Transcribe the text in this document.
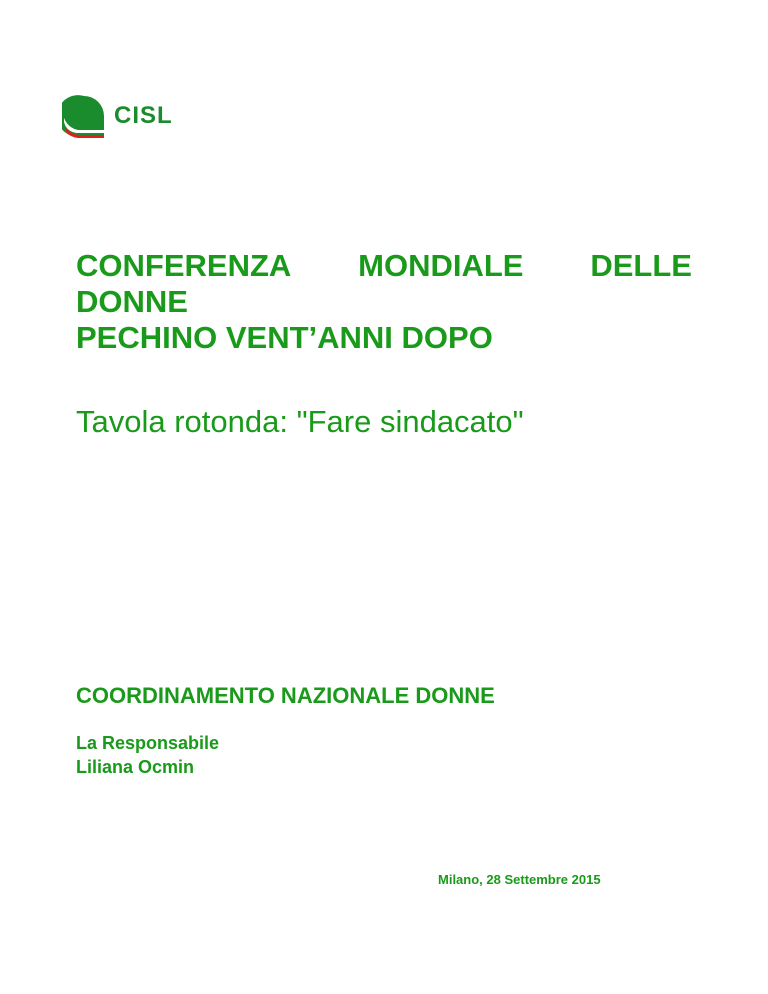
CISL
CONFERENZA MONDIALE DELLE
DONNE
PECHINO VENT’ANNI DOPO
Tavola rotonda: "Fare sindacato"
COORDINAMENTO NAZIONALE DONNE
La Responsabile
Liliana Ocmin
Milano, 28 Settembre 2015
